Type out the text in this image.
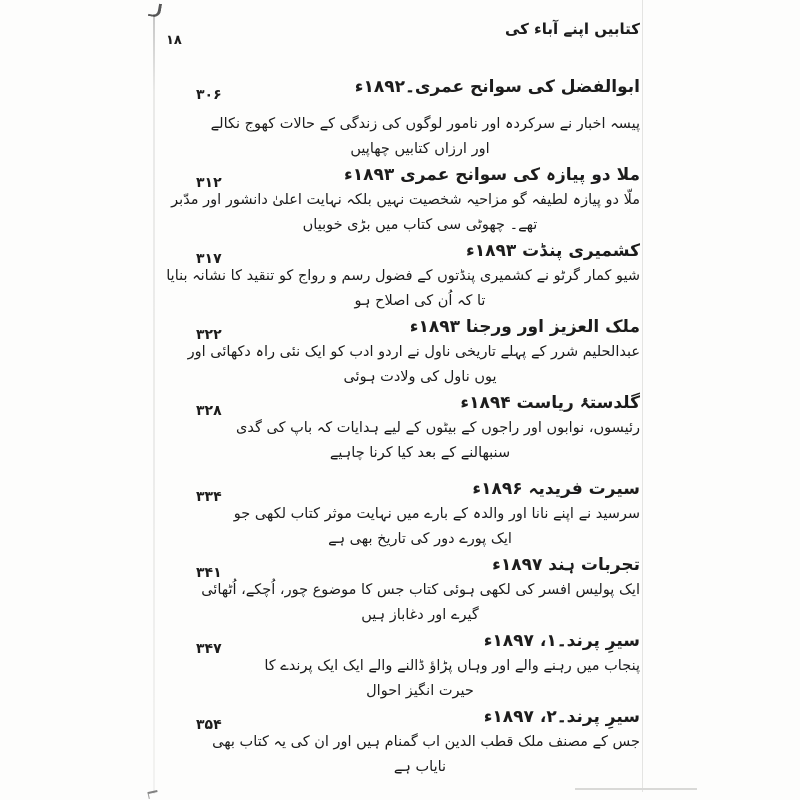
کتابیں اپنے آباء کی
۱۸
۳۰۶	ابوالفضل کی سوانح عمری۔۱۸۹۲ء

پیسہ اخبار نے سرکردہ اور نامور لوگوں کی زندگی کے حالات کھوج نکالے

اور ارزاں کتابیں چھاپیں

۳۱۲	ملا دو پیازہ کی سوانح عمری ۱۸۹۳ء

ملّا دو پیازہ لطیفہ گو مزاحیہ شخصیت نہیں بلکہ نہایت اعلیٰ دانشور اور مدّبر

تھے۔ چھوٹی سی کتاب میں بڑی خوبیاں

۳۱۷	کشمیری پنڈت ۱۸۹۳ء

شیو کمار گرٹو نے کشمیری پنڈتوں کے فضول رسم و رواج کو تنقید کا نشانہ بنایا

تا کہ اُن کی اصلاح ہو

۳۲۲	ملک العزیز اور ورجنا ۱۸۹۳ء

عبدالحلیم شرر کے پہلے تاریخی ناول نے اردو ادب کو ایک نئی راہ دکھائی اور

یوں ناول کی ولادت ہوئی

۳۲۸	گلدستۂ ریاست ۱۸۹۴ء

رئیسوں، نوابوں اور راجوں کے بیٹوں کے لیے ہدایات کہ باپ کی گدی

سنبھالنے کے بعد کیا کرنا چاہیے

۳۳۴	سیرت فریدیہ ۱۸۹۶ء

سرسید نے اپنے نانا اور والدہ کے بارے میں نہایت موثر کتاب لکھی جو

ایک پورے دور کی تاریخ بھی ہے

۳۴۱	تجربات ہند ۱۸۹۷ء

ایک پولیس افسر کی لکھی ہوئی کتاب جس کا موضوع چور، اُچکے، اُٹھائی

گیرے اور دغاباز ہیں

۳۴۷	سیرِ پرند۔۱، ۱۸۹۷ء

پنجاب میں رہنے والے اور وہاں پڑاؤ ڈالنے والے ایک ایک پرندے کا

حیرت انگیز احوال

۳۵۴	سیرِ پرند۔۲، ۱۸۹۷ء

جس کے مصنف ملک قطب الدین اب گمنام ہیں اور ان کی یہ کتاب بھی

نایاب ہے
